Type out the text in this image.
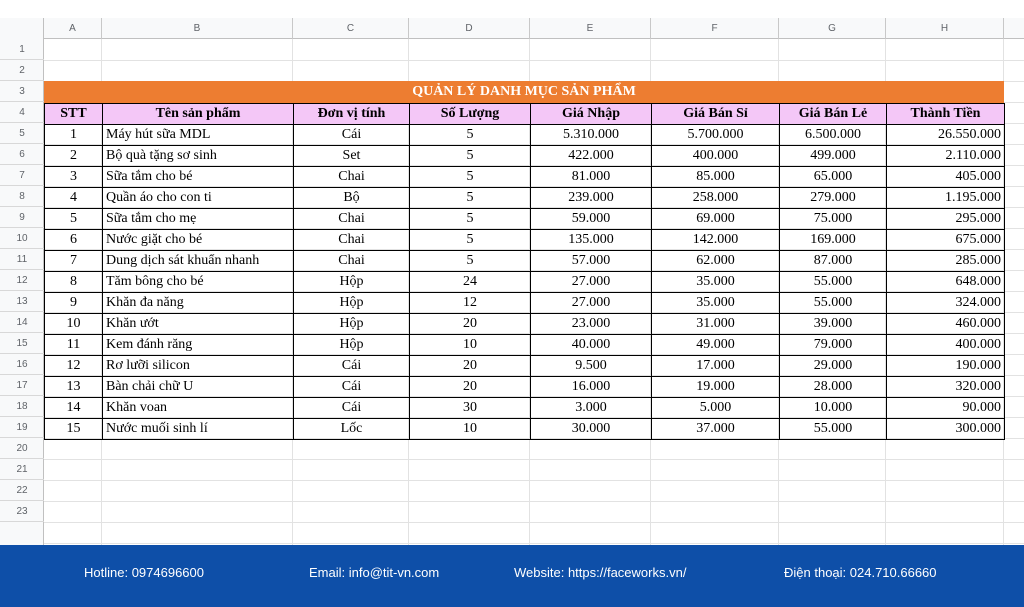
A	B	C	D	E	F	G	H
1
2
3
4
5
6
7
8
9
10
11
12
13
14
15
16
17
18
19
20
21
22
23
QUẢN LÝ DANH MỤC SẢN PHẨM
STT	Tên sản phẩm	Đơn vị tính	Số Lượng	Giá Nhập	Giá Bán Sỉ	Giá Bán Lẻ	Thành Tiền
1	Máy hút sữa MDL	Cái	5	5.310.000	5.700.000	6.500.000	26.550.000
2	Bộ quà tặng sơ sinh	Set	5	422.000	400.000	499.000	2.110.000
3	Sữa tắm cho bé	Chai	5	81.000	85.000	65.000	405.000
4	Quần áo cho con ti	Bộ	5	239.000	258.000	279.000	1.195.000
5	Sữa tắm cho mẹ	Chai	5	59.000	69.000	75.000	295.000
6	Nước giặt cho bé	Chai	5	135.000	142.000	169.000	675.000
7	Dung dịch sát khuẩn nhanh	Chai	5	57.000	62.000	87.000	285.000
8	Tăm bông cho bé	Hộp	24	27.000	35.000	55.000	648.000
9	Khăn đa năng	Hộp	12	27.000	35.000	55.000	324.000
10	Khăn ướt	Hộp	20	23.000	31.000	39.000	460.000
11	Kem đánh răng	Hộp	10	40.000	49.000	79.000	400.000
12	Rơ lưỡi silicon	Cái	20	9.500	17.000	29.000	190.000
13	Bàn chải chữ U	Cái	20	16.000	19.000	28.000	320.000
14	Khăn voan	Cái	30	3.000	5.000	10.000	90.000
15	Nước muối sinh lí	Lốc	10	30.000	37.000	55.000	300.000
Hotline: 0974696600	Email: info@tit-vn.com	Website: https://faceworks.vn/	Điện thoại: 024.710.66660
